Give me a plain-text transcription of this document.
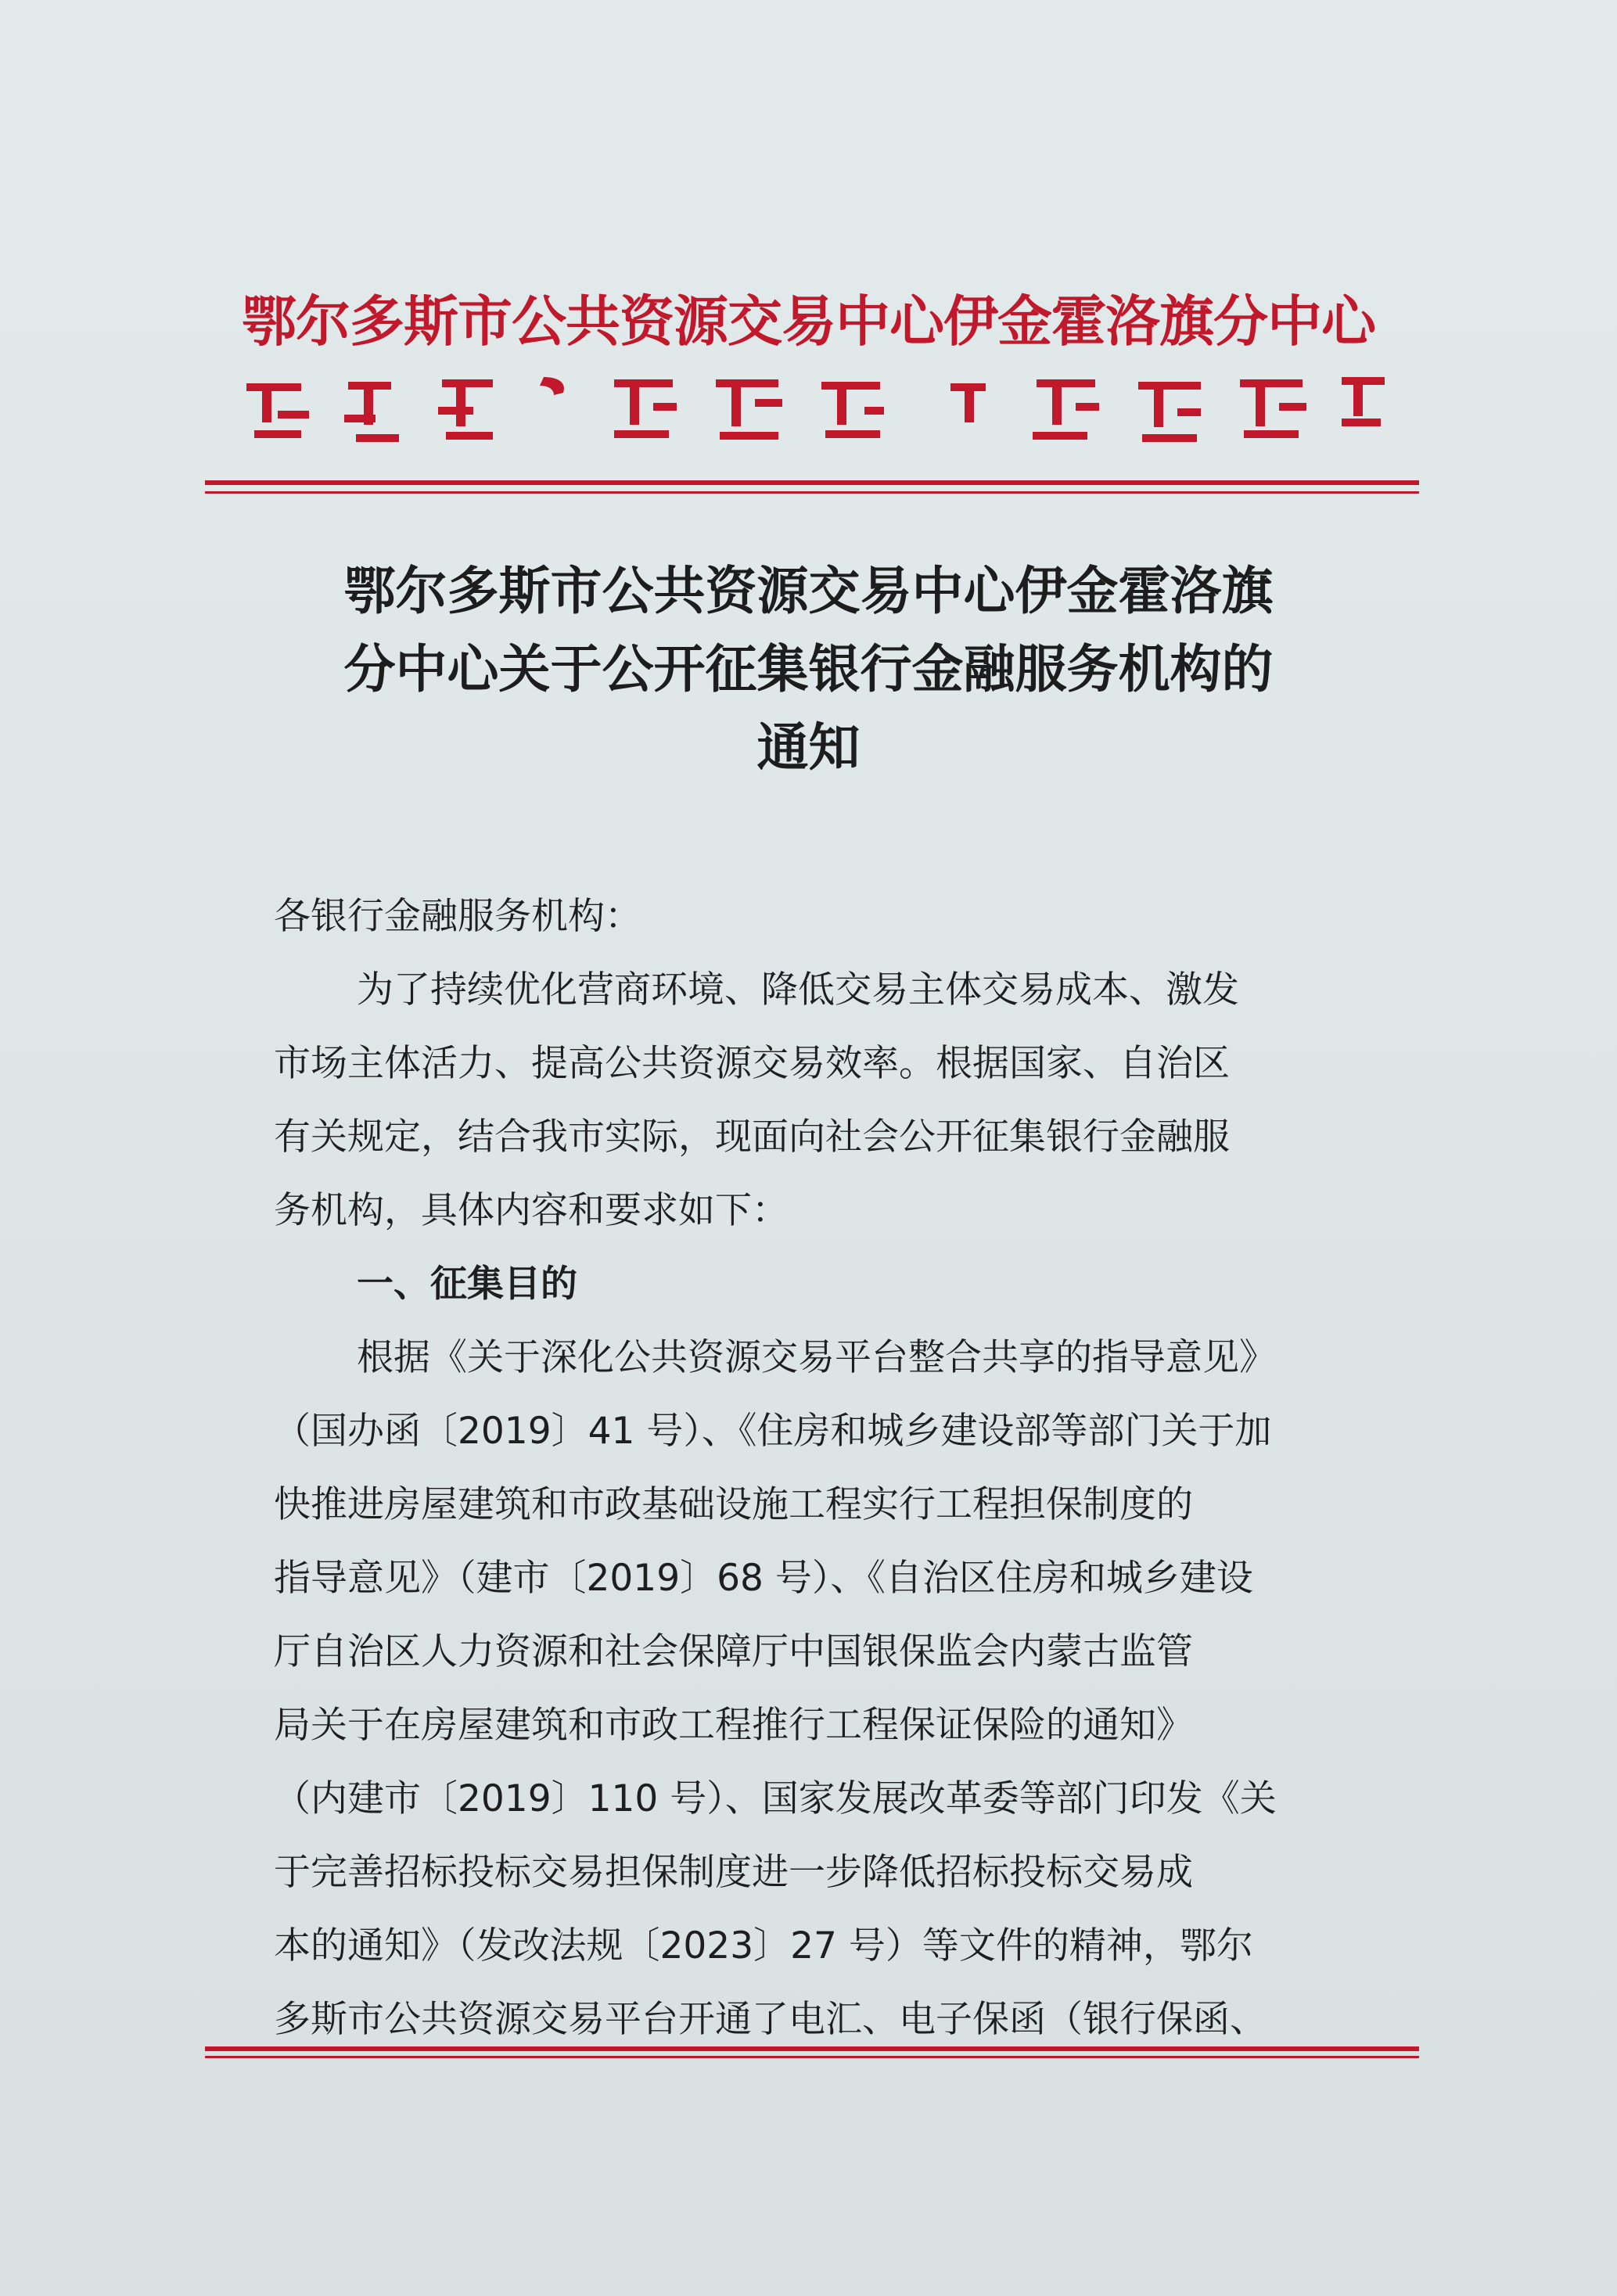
鄂尔多斯市公共资源交易中心伊金霍洛旗分中心
鄂尔多斯市公共资源交易中心伊金霍洛旗
分中心关于公开征集银行金融服务机构的
通知
各银行金融服务机构：
为了持续优化营商环境、降低交易主体交易成本、激发
市场主体活力、提高公共资源交易效率。根据国家、自治区
有关规定，结合我市实际，现面向社会公开征集银行金融服
务机构，具体内容和要求如下：
一、征集目的
根据《关于深化公共资源交易平台整合共享的指导意见》
（国办函〔2019〕41 号）、《住房和城乡建设部等部门关于加
快推进房屋建筑和市政基础设施工程实行工程担保制度的
指导意见》（建市〔2019〕68 号）、《自治区住房和城乡建设
厅自治区人力资源和社会保障厅中国银保监会内蒙古监管
局关于在房屋建筑和市政工程推行工程保证保险的通知》
（内建市〔2019〕110 号）、国家发展改革委等部门印发《关
于完善招标投标交易担保制度进一步降低招标投标交易成
本的通知》（发改法规〔2023〕27 号）等文件的精神，鄂尔
多斯市公共资源交易平台开通了电汇、电子保函（银行保函、
